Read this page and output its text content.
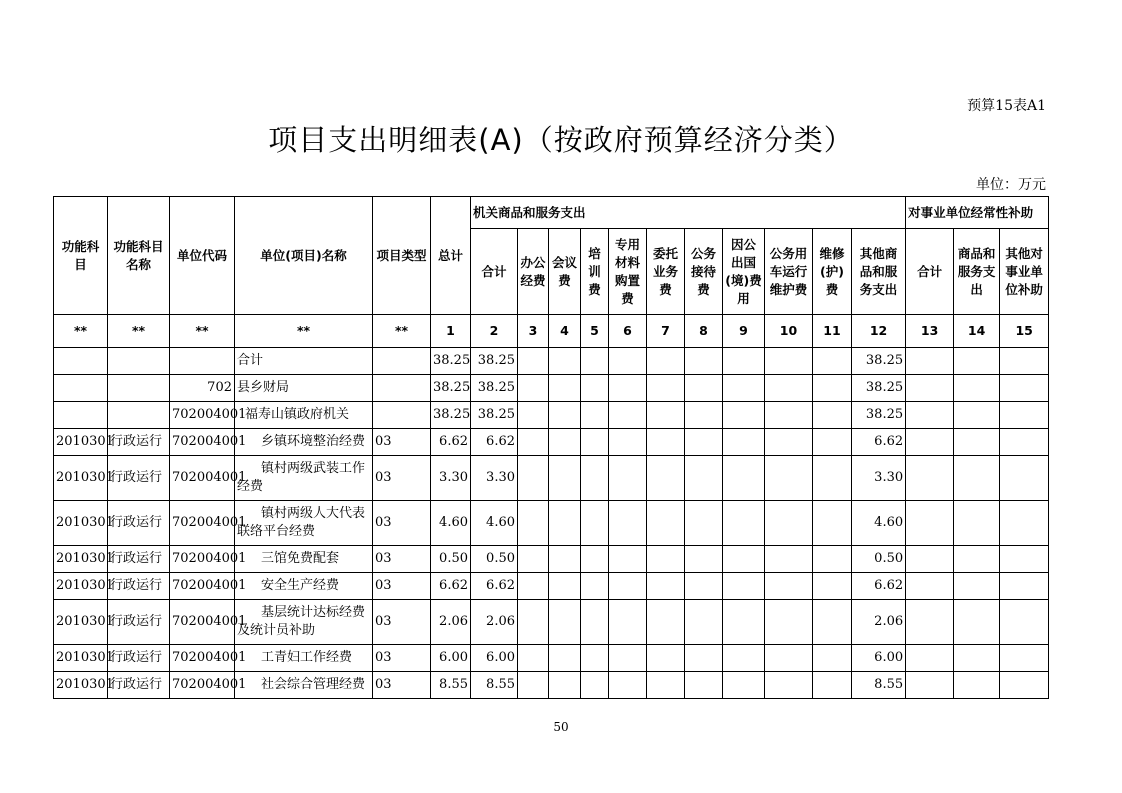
预算15表A1
项目支出明细表(A)（按政府预算经济分类）
单位：万元
功能科目	功能科目名称	单位代码	单位(项目)名称	项目类型	总计	机关商品和服务支出											对事业单位经常性补助		
						合计	办公经费	会议费	培训费	专用材料购置费	委托业务费	公务接待费	因公出国(境)费用	公务用车运行维护费	维修(护)费	其他商品和服务支出	合计	商品和服务支出	其他对事业单位补助
**	**	**	**	**	1	2	3	4	5	6	7	8	9	10	11	12	13	14	15
			合计		38.25	38.25										38.25			
		702	县乡财局		38.25	38.25										38.25			
		702004001	福寿山镇政府机关		38.25	38.25										38.25			
2010301	行政运行	702004001	乡镇环境整治经费	03	6.62	6.62										6.62			
2010301	行政运行	702004001	镇村两级武装工作经费	03	3.30	3.30										3.30			
2010301	行政运行	702004001	镇村两级人大代表联络平台经费	03	4.60	4.60										4.60			
2010301	行政运行	702004001	三馆免费配套	03	0.50	0.50										0.50			
2010301	行政运行	702004001	安全生产经费	03	6.62	6.62										6.62			
2010301	行政运行	702004001	基层统计达标经费及统计员补助	03	2.06	2.06										2.06			
2010301	行政运行	702004001	工青妇工作经费	03	6.00	6.00										6.00			
2010301	行政运行	702004001	社会综合管理经费	03	8.55	8.55										8.55			
50
